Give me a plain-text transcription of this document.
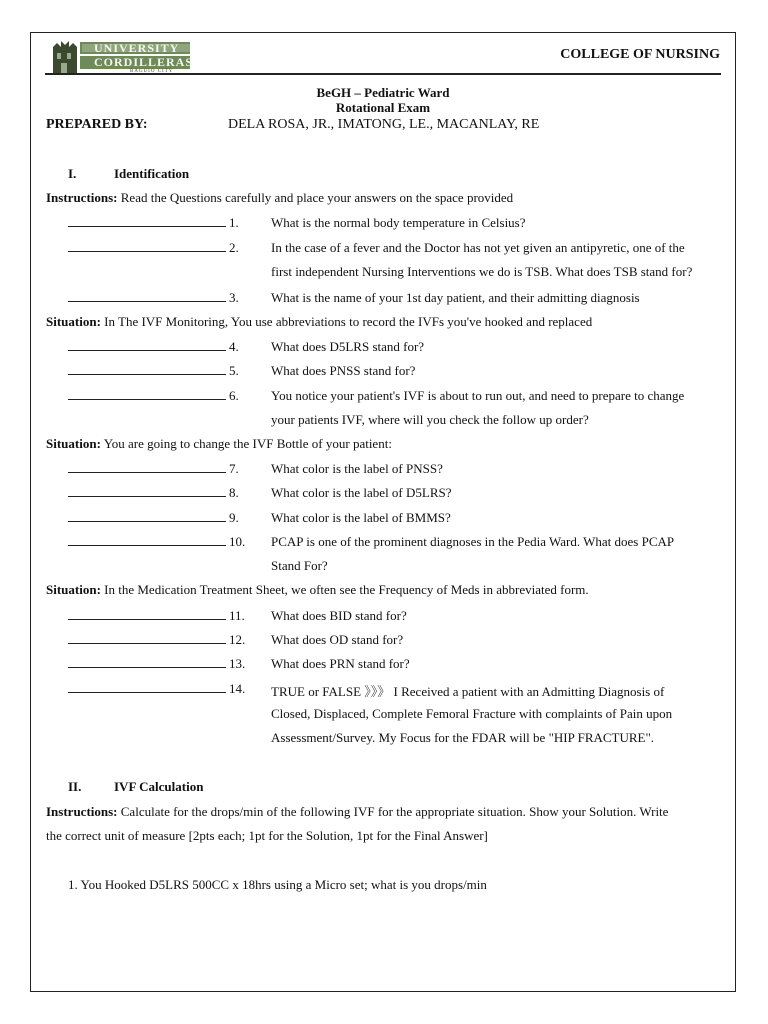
UNIVERSITY
CORDILLERAS
BAGUIO CITY
COLLEGE OF NURSING
BeGH – Pediatric Ward
Rotational Exam
PREPARED BY:	DELA ROSA, JR., IMATONG, LE., MACANLAY, RE
I.	Identification
Instructions: Read the Questions carefully and place your answers on the space provided
1. What is the normal body temperature in Celsius?
2. In the case of a fever and the Doctor has not yet given an antipyretic, one of the
first independent Nursing Interventions we do is TSB. What does TSB stand for?
3. What is the name of your 1st day patient, and their admitting diagnosis
Situation: In The IVF Monitoring, You use abbreviations to record the IVFs you've hooked and replaced
4. What does D5LRS stand for?
5. What does PNSS stand for?
6. You notice your patient's IVF is about to run out, and need to prepare to change
your patients IVF, where will you check the follow up order?
Situation: You are going to change the IVF Bottle of your patient:
7. What color is the label of PNSS?
8. What color is the label of D5LRS?
9. What color is the label of BMMS?
10. PCAP is one of the prominent diagnoses in the Pedia Ward. What does PCAP
Stand For?
Situation: In the Medication Treatment Sheet, we often see the Frequency of Meds in abbreviated form.
11. What does BID stand for?
12. What does OD stand for?
13. What does PRN stand for?
14. TRUE or FALSE 》》》 I Received a patient with an Admitting Diagnosis of
Closed, Displaced, Complete Femoral Fracture with complaints of Pain upon
Assessment/Survey. My Focus for the FDAR will be "HIP FRACTURE".
II.	IVF Calculation
Instructions: Calculate for the drops/min of the following IVF for the appropriate situation. Show your Solution. Write
the correct unit of measure [2pts each; 1pt for the Solution, 1pt for the Final Answer]
1. You Hooked D5LRS 500CC x 18hrs using a Micro set; what is you drops/min
